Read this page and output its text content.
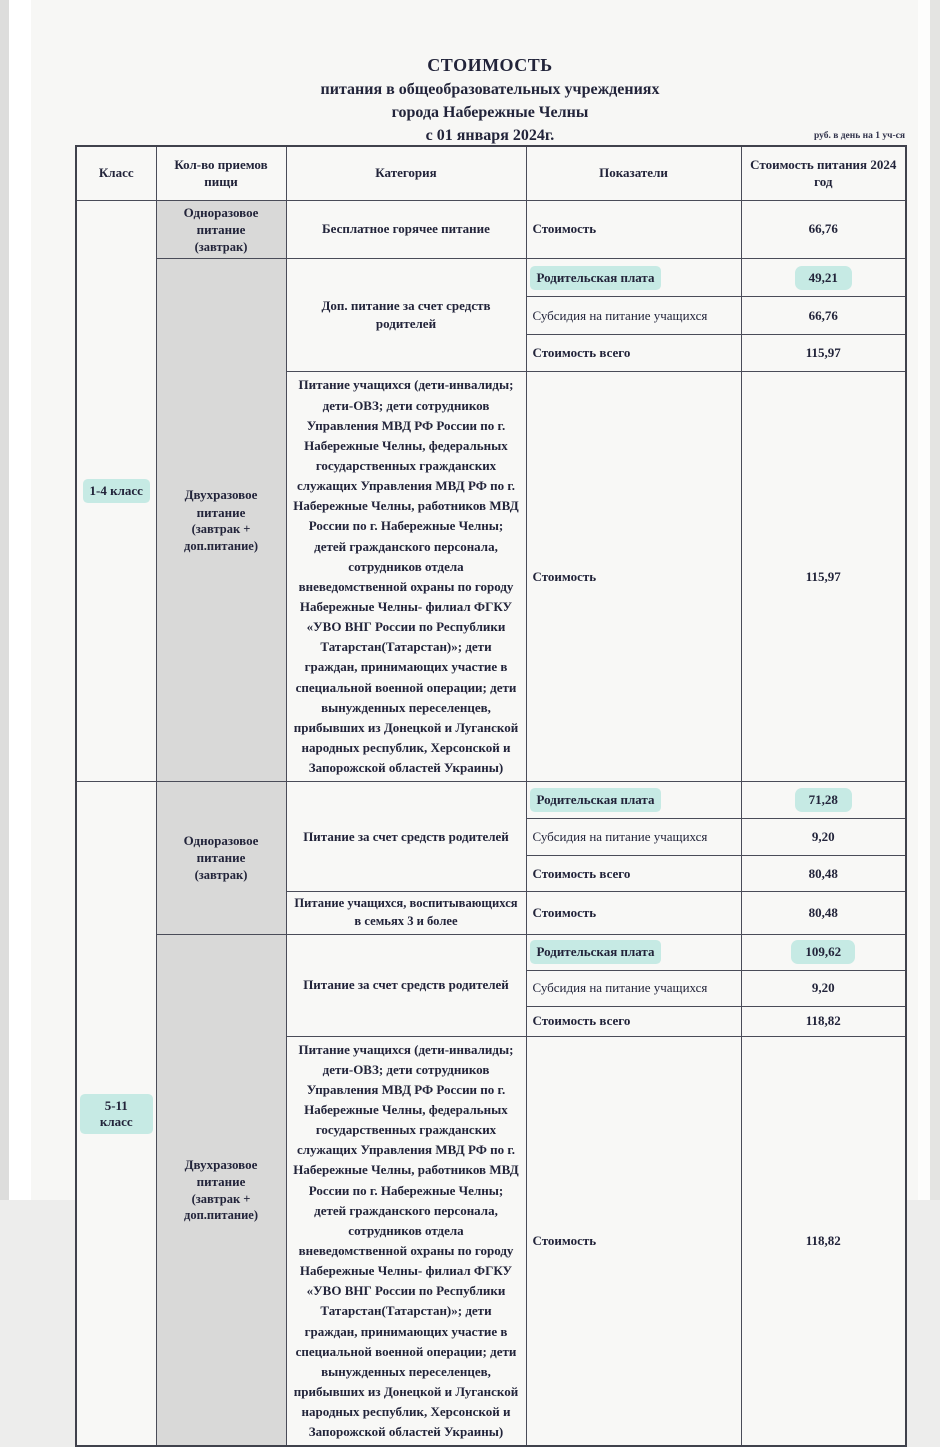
СТОИМОСТЬ
питания в общеобразовательных учреждениях
города Набережные Челны
с 01 января 2024г.	руб. в день на 1 уч-ся
Класс	Кол-во приемов пищи	Категория	Показатели	Стоимость питания 2024 год
1-4 класс	Одноразовое питание
(завтрак)	Бесплатное горячее питание	Стоимость	66,76

	Двухразовое питание
(завтрак + доп.питание)	Доп. питание за счет средств родителей	Родительская плата	49,21
			Субсидия на питание учащихся	66,76
			Стоимость всего	115,97
		Питание учащихся (дети-инвалиды; дети-ОВЗ; дети сотрудников Управления МВД РФ России по г. Набережные Челны, федеральных государственных гражданских служащих Управления МВД РФ по г. Набережные Челны, работников МВД России по г. Набережные Челны; детей гражданского персонала, сотрудников отдела вневедомственной охраны по городу Набережные Челны- филиал ФГКУ «УВО ВНГ России по Республики Татарстан(Татарстан)»; дети граждан, принимающих участие в специальной военной операции; дети вынужденных переселенцев, прибывших из Донецкой и Луганской народных республик, Херсонской и Запорожской областей Украины)	Стоимость	115,97
5-11 класс	Одноразовое питание
(завтрак)	Питание за счет средств родителей	Родительская плата	71,28
			Субсидия на питание учащихся	9,20
			Стоимость всего	80,48
		Питание учащихся, воспитывающихся в семьях 3 и более	Стоимость	80,48

	Двухразовое питание
(завтрак + доп.питание)	Питание за счет средств родителей	Родительская плата	109,62
			Субсидия на питание учащихся	9,20
			Стоимость всего	118,82
		Питание учащихся (дети-инвалиды; дети-ОВЗ; дети сотрудников Управления МВД РФ России по г. Набережные Челны, федеральных государственных гражданских служащих Управления МВД РФ по г. Набережные Челны, работников МВД России по г. Набережные Челны; детей гражданского персонала, сотрудников отдела вневедомственной охраны по городу Набережные Челны- филиал ФГКУ «УВО ВНГ России по Республики Татарстан(Татарстан)»; дети граждан, принимающих участие в специальной военной операции; дети вынужденных переселенцев, прибывших из Донецкой и Луганской народных республик, Херсонской и Запорожской областей Украины)	Стоимость	118,82
